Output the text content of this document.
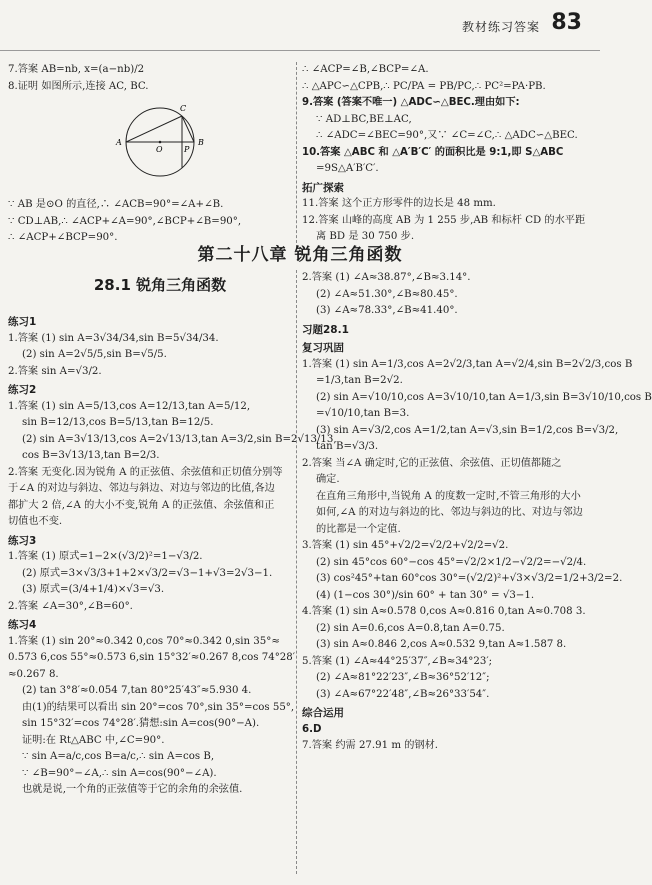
教材练习答案 83
7.答案 AB=nb, x=(a−nb)/2
8.证明 如图所示,连接 AC, BC.
∵ AB 是⊙O 的直径,∴ ∠ACB=90°=∠A+∠B.
∵ CD⊥AB,∴ ∠ACP+∠A=90°,∠BCP+∠B=90°,
∴ ∠ACP+∠BCP=90°.
A	B
C
O	P
∴ ∠ACP=∠B,∠BCP=∠A.
∴ △APC∽△CPB,∴ PC/PA = PB/PC,∴ PC²=PA·PB.
9.答案 (答案不唯一) △ADC∽△BEC.理由如下:
∵ AD⊥BC,BE⊥AC,
∴ ∠ADC=∠BEC=90°,又∵ ∠C=∠C,∴ △ADC∽△BEC.
10.答案 △ABC 和 △A′B′C′ 的面积比是 9:1,即 S△ABC
=9S△A′B′C′.
拓广探索
11.答案 这个正方形零件的边长是 48 mm.
12.答案 山峰的高度 AB 为 1 255 步,AB 和标杆 CD 的水平距
离 BD 是 30 750 步.
第二十八章 锐角三角函数
28.1 锐角三角函数
练习1
1.答案 (1) sin A=3√34/34,sin B=5√34/34.
(2) sin A=2√5/5,sin B=√5/5.
2.答案 sin A=√3/2.
练习2
1.答案 (1) sin A=5/13,cos A=12/13,tan A=5/12,
sin B=12/13,cos B=5/13,tan B=12/5.
(2) sin A=3√13/13,cos A=2√13/13,tan A=3/2,sin B=2√13/13,
cos B=3√13/13,tan B=2/3.
2.答案 无变化.因为锐角 A 的正弦值、余弦值和正切值分别等
于∠A 的对边与斜边、邻边与斜边、对边与邻边的比值,各边
都扩大 2 倍,∠A 的大小不变,锐角 A 的正弦值、余弦值和正
切值也不变.
练习3
1.答案 (1) 原式=1−2×(√3/2)²=1−√3/2.
(2) 原式=3×√3/3+1+2×√3/2=√3−1+√3=2√3−1.
(3) 原式=(3/4+1/4)×√3=√3.
2.答案 ∠A=30°,∠B=60°.
练习4
1.答案 (1) sin 20°≈0.342 0,cos 70°≈0.342 0,sin 35°≈
0.573 6,cos 55°≈0.573 6,sin 15°32′≈0.267 8,cos 74°28′
≈0.267 8.
(2) tan 3°8′≈0.054 7,tan 80°25′43″≈5.930 4.
由(1)的结果可以看出 sin 20°=cos 70°,sin 35°=cos 55°,
sin 15°32′=cos 74°28′.猜想:sin A=cos(90°−A).
证明:在 Rt△ABC 中,∠C=90°.
∵ sin A=a/c,cos B=a/c,∴ sin A=cos B,
∵ ∠B=90°−∠A,∴ sin A=cos(90°−∠A).
也就是说,一个角的正弦值等于它的余角的余弦值.
2.答案 (1) ∠A≈38.87°,∠B≈3.14°.
(2) ∠A≈51.30°,∠B≈80.45°.
(3) ∠A≈78.33°,∠B≈41.40°.
习题28.1
复习巩固
1.答案 (1) sin A=1/3,cos A=2√2/3,tan A=√2/4,sin B=2√2/3,cos B
=1/3,tan B=2√2.
(2) sin A=√10/10,cos A=3√10/10,tan A=1/3,sin B=3√10/10,cos B
=√10/10,tan B=3.
(3) sin A=√3/2,cos A=1/2,tan A=√3,sin B=1/2,cos B=√3/2,
tan B=√3/3.
2.答案 当∠A 确定时,它的正弦值、余弦值、正切值都随之
确定.
在直角三角形中,当锐角 A 的度数一定时,不管三角形的大小
如何,∠A 的对边与斜边的比、邻边与斜边的比、对边与邻边
的比都是一个定值.
3.答案 (1) sin 45°+√2/2=√2/2+√2/2=√2.
(2) sin 45°cos 60°−cos 45°=√2/2×1/2−√2/2=−√2/4.
(3) cos²45°+tan 60°cos 30°=(√2/2)²+√3×√3/2=1/2+3/2=2.
(4) (1−cos 30°)/sin 60° + tan 30° = √3−1.
4.答案 (1) sin A≈0.578 0,cos A≈0.816 0,tan A≈0.708 3.
(2) sin A=0.6,cos A=0.8,tan A=0.75.
(3) sin A≈0.846 2,cos A≈0.532 9,tan A≈1.587 8.
5.答案 (1) ∠A≈44°25′37″,∠B≈34°23′;
(2) ∠A≈81°22′23″,∠B≈36°52′12″;
(3) ∠A≈67°22′48″,∠B≈26°33′54″.
综合运用
6.D
7.答案 约需 27.91 m 的钢材.
